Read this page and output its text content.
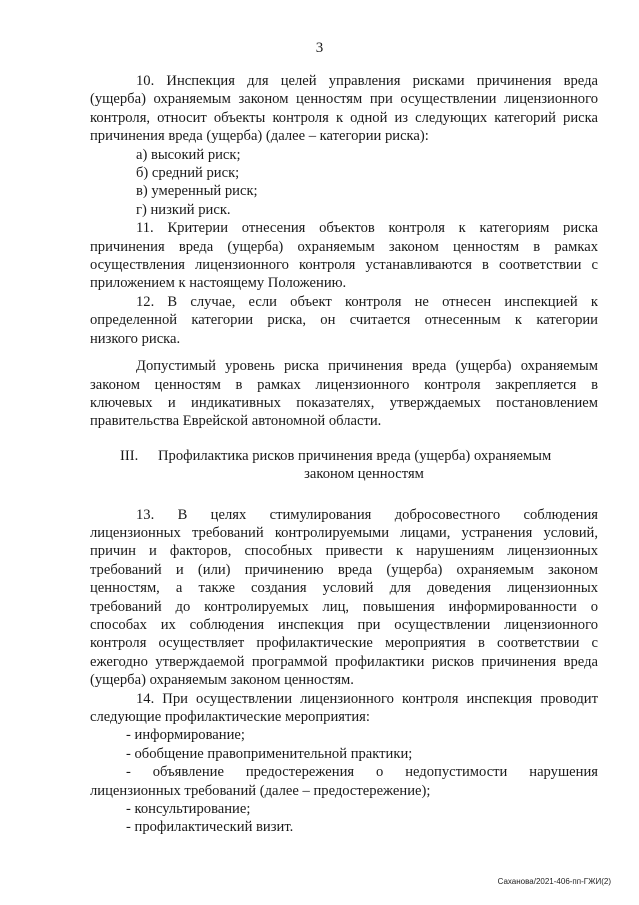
3

10. Инспекция для целей управления рисками причинения вреда

(ущерба) охраняемым законом ценностям при осуществлении лицензионного

контроля, относит объекты контроля к одной из следующих категорий риска

причинения вреда (ущерба) (далее – категории риска):

а) высокий риск;

б) средний риск;

в) умеренный риск;

г) низкий риск.

11. Критерии отнесения объектов контроля к категориям риска

причинения вреда (ущерба) охраняемым законом ценностям в рамках

осуществления лицензионного контроля устанавливаются в соответствии с

приложением к настоящему Положению.

12. В случае, если объект контроля не отнесен инспекцией к

определенной категории риска, он считается отнесенным к категории

низкого риска.

Допустимый уровень риска причинения вреда (ущерба) охраняемым

законом ценностям в рамках лицензионного контроля закрепляется в

ключевых и индикативных показателях, утверждаемых постановлением

правительства Еврейской автономной области.

III.	Профилактика рисков причинения вреда (ущерба) охраняемым
законом ценностям

13. В целях стимулирования добросовестного соблюдения

лицензионных требований контролируемыми лицами, устранения условий,

причин и факторов, способных привести к нарушениям лицензионных

требований и (или) причинению вреда (ущерба) охраняемым законом

ценностям, а также создания условий для доведения лицензионных

требований до контролируемых лиц, повышения информированности о

способах их соблюдения инспекция при осуществлении лицензионного

контроля осуществляет профилактические мероприятия в соответствии с

ежегодно утверждаемой программой профилактики рисков причинения вреда

(ущерба) охраняемым законом ценностям.

14. При осуществлении лицензионного контроля инспекция проводит

следующие профилактические мероприятия:

- информирование;

- обобщение правоприменительной практики;

- объявление предостережения о недопустимости нарушения

лицензионных требований (далее – предостережение);

- консультирование;

- профилактический визит.

Саханова/2021-406-пп-ГЖИ(2)
